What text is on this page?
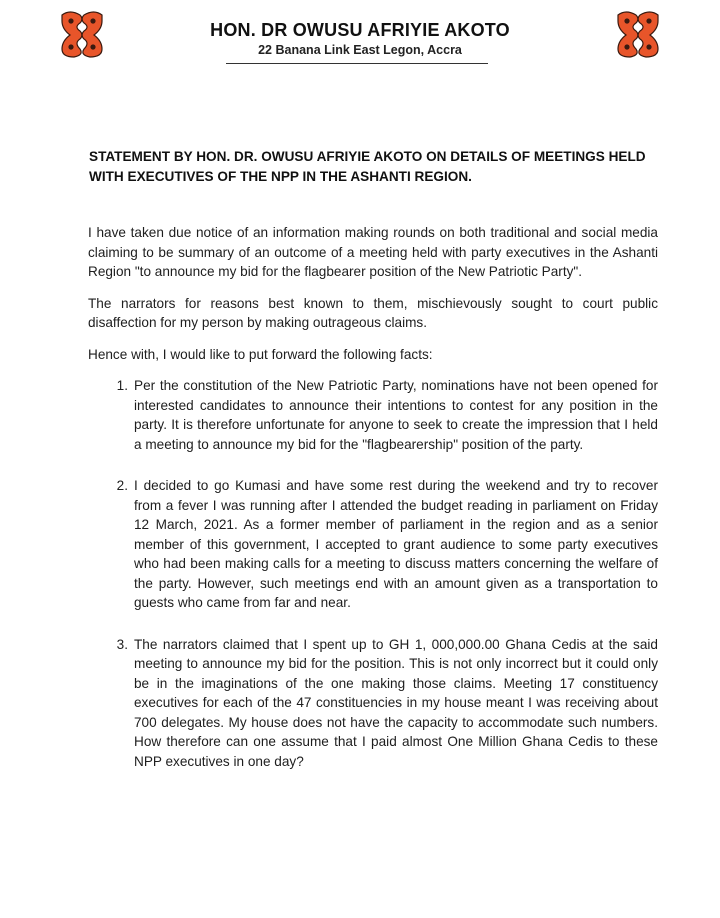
HON. DR OWUSU AFRIYIE AKOTO
22 Banana Link East Legon, Accra
STATEMENT BY HON. DR. OWUSU AFRIYIE AKOTO ON DETAILS OF MEETINGS HELD WITH EXECUTIVES OF THE NPP IN THE ASHANTI REGION.

I have taken due notice of an information making rounds on both traditional and social media claiming to be summary of an outcome of a meeting held with party executives in the Ashanti Region "to announce my bid for the flagbearer position of the New Patriotic Party".

The narrators for reasons best known to them, mischievously sought to court public disaffection for my person by making outrageous claims.

Hence with, I would like to put forward the following facts:

1. Per the constitution of the New Patriotic Party, nominations have not been opened for interested candidates to announce their intentions to contest for any position in the party. It is therefore unfortunate for anyone to seek to create the impression that I held a meeting to announce my bid for the "flagbearership" position of the party.
2. I decided to go Kumasi and have some rest during the weekend and try to recover from a fever I was running after I attended the budget reading in parliament on Friday 12 March, 2021. As a former member of parliament in the region and as a senior member of this government, I accepted to grant audience to some party executives who had been making calls for a meeting to discuss matters concerning the welfare of the party. However, such meetings end with an amount given as a transportation to guests who came from far and near.
3. The narrators claimed that I spent up to GH 1, 000,000.00 Ghana Cedis at the said meeting to announce my bid for the position. This is not only incorrect but it could only be in the imaginations of the one making those claims. Meeting 17 constituency executives for each of the 47 constituencies in my house meant I was receiving about 700 delegates. My house does not have the capacity to accommodate such numbers. How therefore can one assume that I paid almost One Million Ghana Cedis to these NPP executives in one day?
